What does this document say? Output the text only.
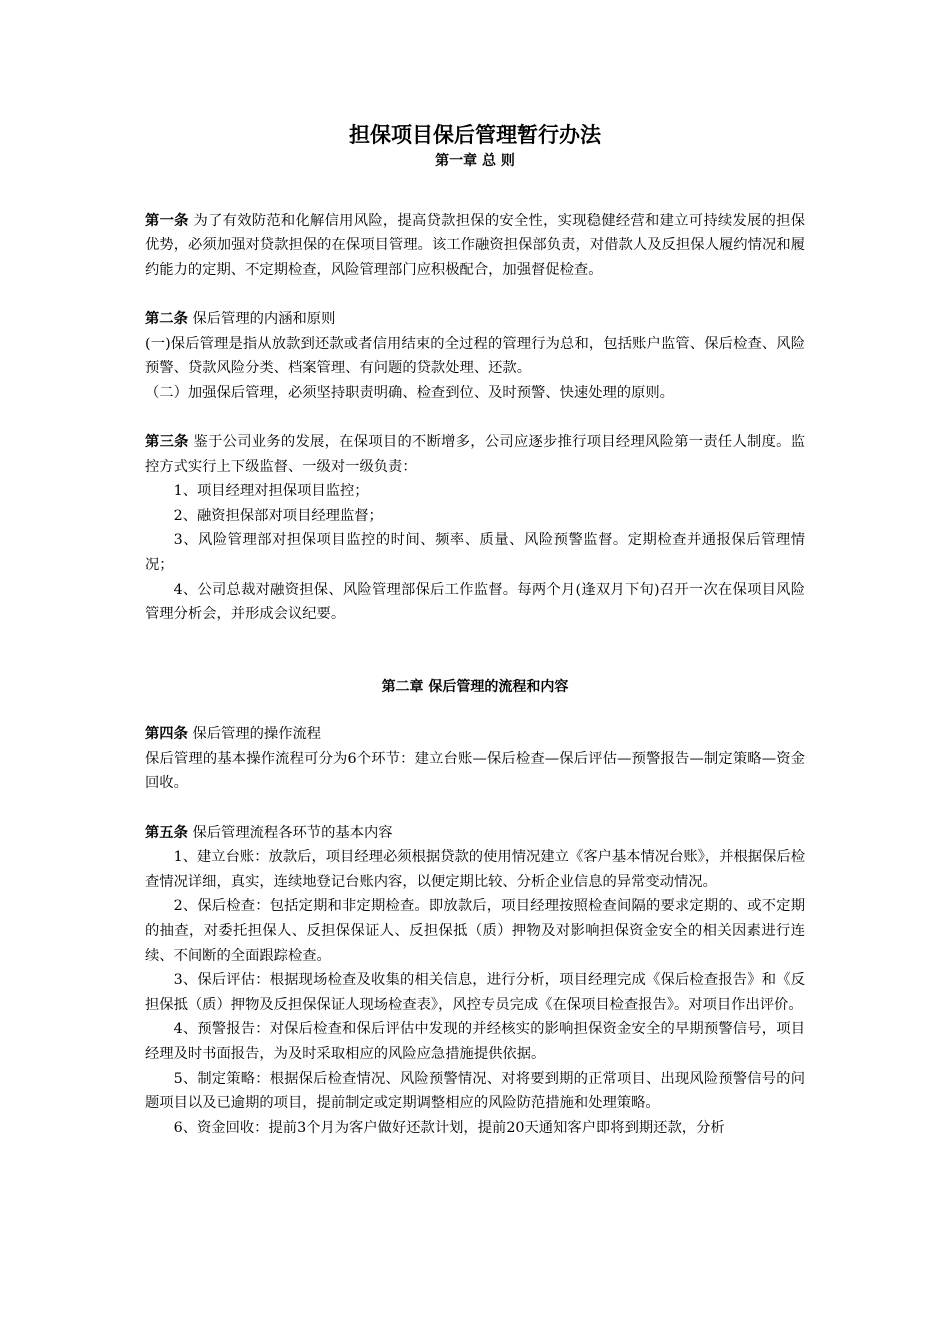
担保项目保后管理暂行办法
第一章 总 则

第一条 为了有效防范和化解信用风险，提高贷款担保的安全性，实现稳健经营和建立可持续发展的担保优势，必须加强对贷款担保的在保项目管理。该工作融资担保部负责，对借款人及反担保人履约情况和履约能力的定期、不定期检查，风险管理部门应积极配合，加强督促检查。

第二条 保后管理的内涵和原则

(一)保后管理是指从放款到还款或者信用结束的全过程的管理行为总和，包括账户监管、保后检查、风险预警、贷款风险分类、档案管理、有问题的贷款处理、还款。

（二）加强保后管理，必须坚持职责明确、检查到位、及时预警、快速处理的原则。

第三条 鉴于公司业务的发展，在保项目的不断增多，公司应逐步推行项目经理风险第一责任人制度。监控方式实行上下级监督、一级对一级负责：

1、项目经理对担保项目监控；

2、融资担保部对项目经理监督；

3、风险管理部对担保项目监控的时间、频率、质量、风险预警监督。定期检查并通报保后管理情况；

4、公司总裁对融资担保、风险管理部保后工作监督。每两个月(逢双月下旬)召开一次在保项目风险管理分析会，并形成会议纪要。

第二章 保后管理的流程和内容

第四条 保后管理的操作流程

保后管理的基本操作流程可分为6个环节：建立台账—保后检查—保后评估—预警报告—制定策略—资金回收。

第五条 保后管理流程各环节的基本内容

1、建立台账：放款后，项目经理必须根据贷款的使用情况建立《客户基本情况台账》，并根据保后检查情况详细，真实，连续地登记台账内容，以便定期比较、分析企业信息的异常变动情况。

2、保后检查：包括定期和非定期检查。即放款后，项目经理按照检查间隔的要求定期的、或不定期的抽查，对委托担保人、反担保保证人、反担保抵（质）押物及对影响担保资金安全的相关因素进行连续、不间断的全面跟踪检查。

3、保后评估：根据现场检查及收集的相关信息，进行分析，项目经理完成《保后检查报告》和《反担保抵（质）押物及反担保保证人现场检查表》，风控专员完成《在保项目检查报告》。对项目作出评价。

4、预警报告：对保后检查和保后评估中发现的并经核实的影响担保资金安全的早期预警信号，项目经理及时书面报告，为及时采取相应的风险应急措施提供依据。

5、制定策略：根据保后检查情况、风险预警情况、对将要到期的正常项目、出现风险预警信号的问题项目以及已逾期的项目，提前制定或定期调整相应的风险防范措施和处理策略。

6、资金回收：提前3个月为客户做好还款计划，提前20天通知客户即将到期还款，分析
